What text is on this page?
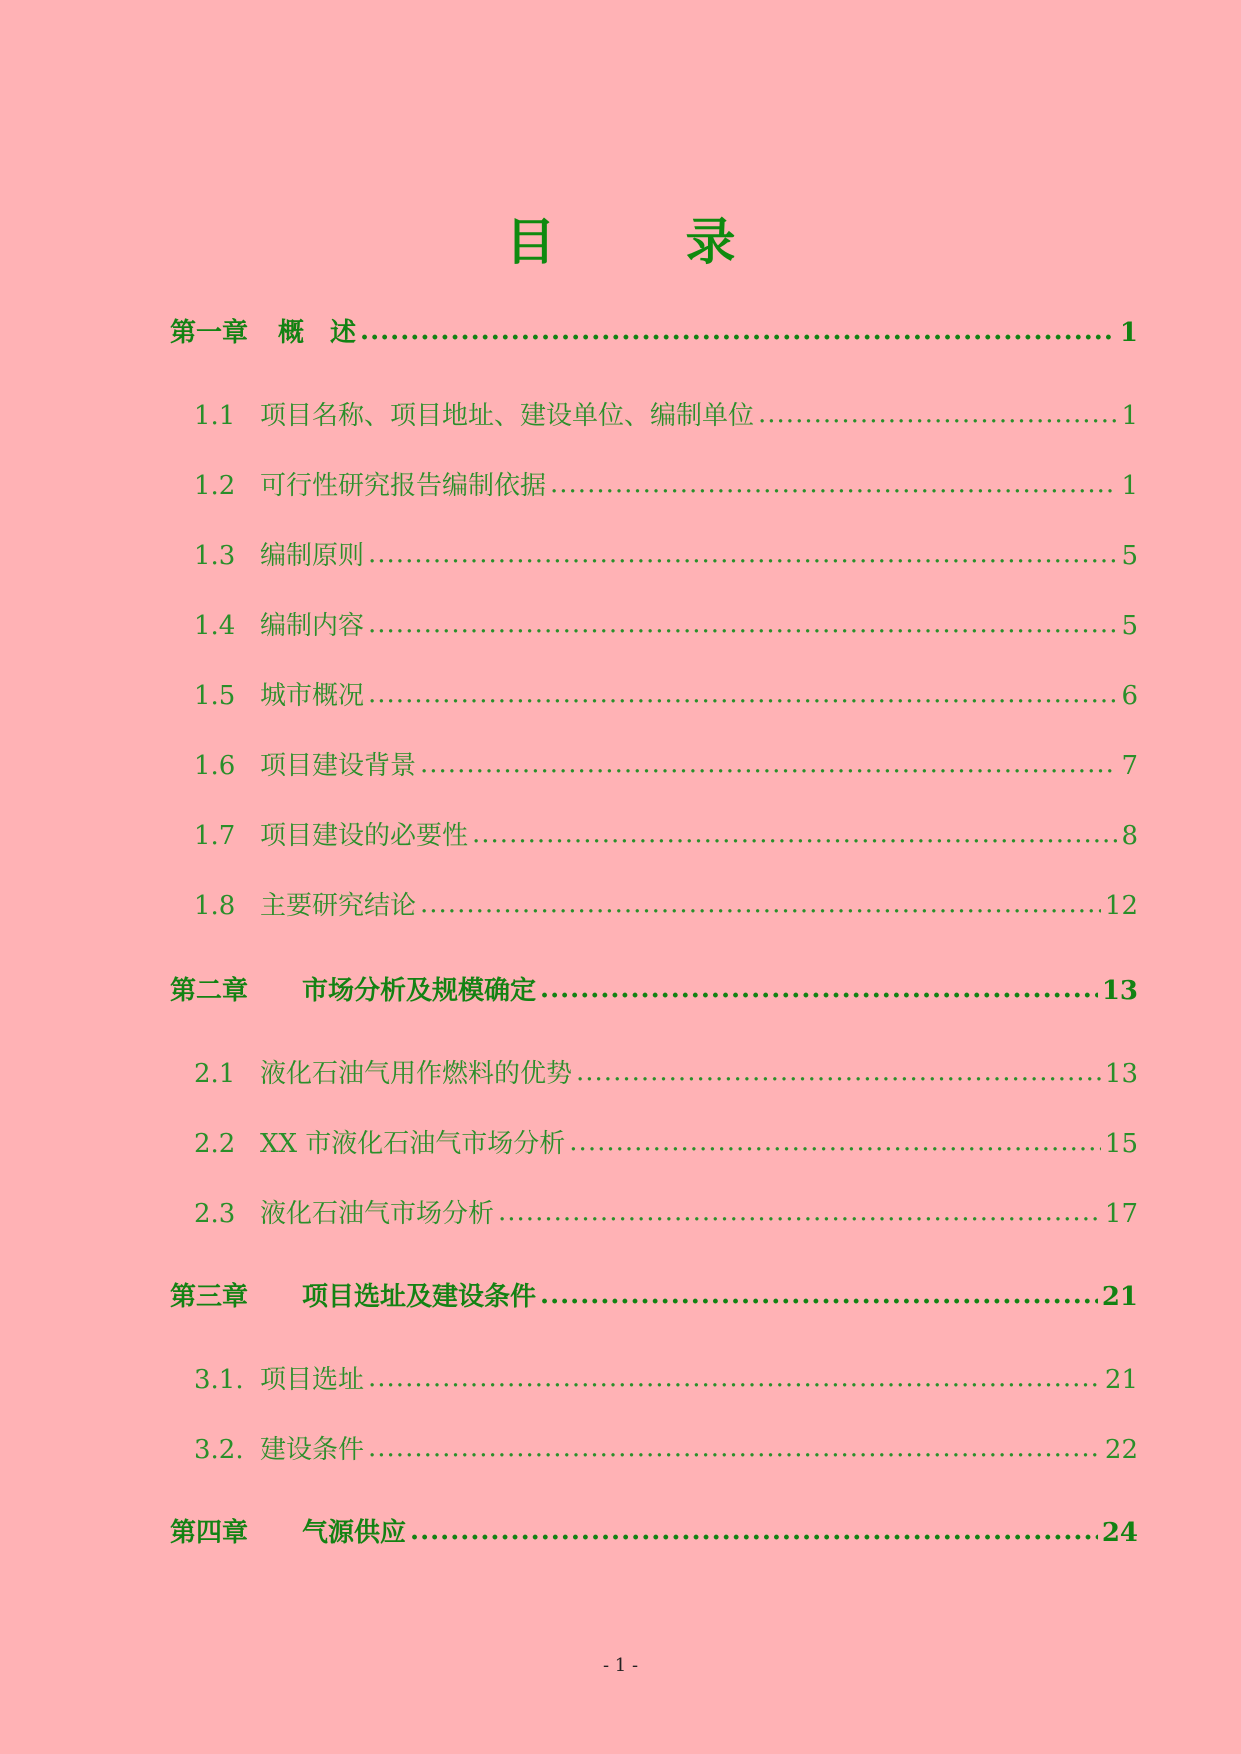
目　录
第一章	概　述 .....	1
1.1 项目名称、项目地址、建设单位、编制单位 .....	1
1.2 可行性研究报告编制依据 .....	1
1.3 编制原则 .....	5
1.4 编制内容 .....	5
1.5 城市概况 .....	6
1.6 项目建设背景 .....	7
1.7 项目建设的必要性 .....	8
1.8 主要研究结论 .....	12
第二章	市场分析及规模确定 .....	13
2.1 液化石油气用作燃料的优势 .....	13
2.2 XX 市液化石油气市场分析 .....	15
2.3 液化石油气市场分析 .....	17
第三章	项目选址及建设条件 .....	21
3.1. 项目选址 .....	21
3.2. 建设条件 .....	22
第四章	气源供应 .....	24
- 1 -
